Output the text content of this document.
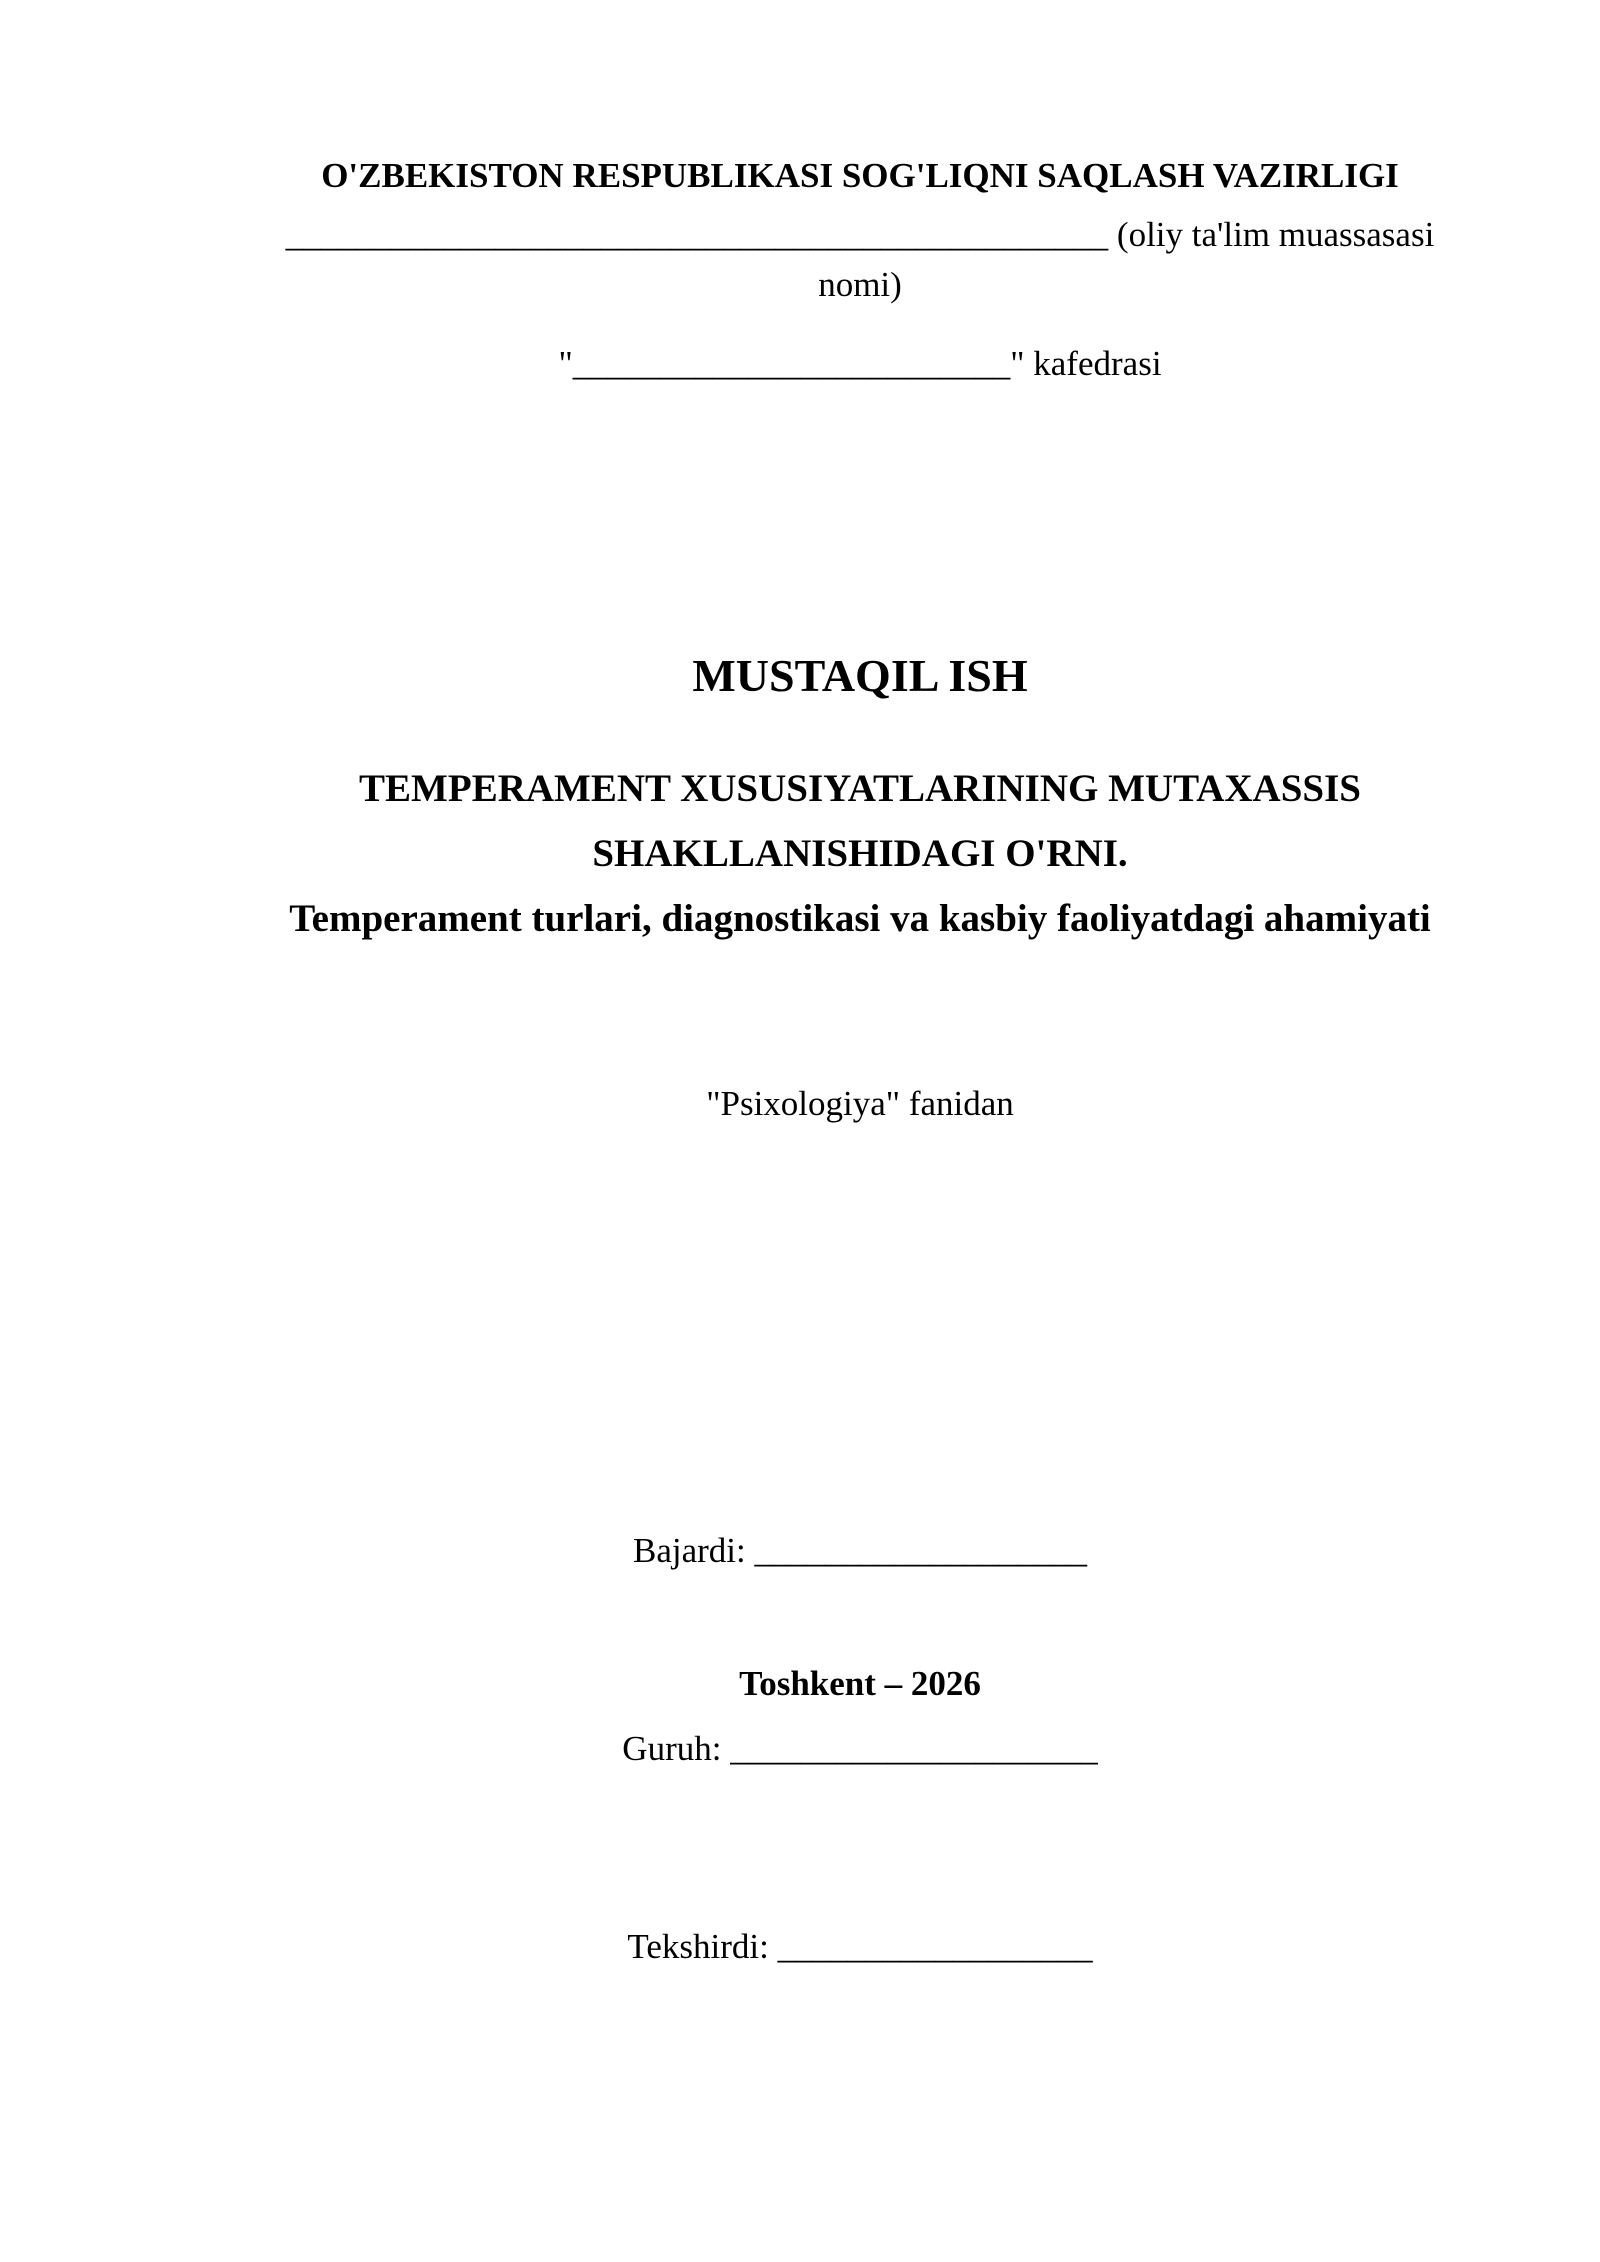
O'ZBEKISTON RESPUBLIKASI SOG'LIQNI SAQLASH VAZIRLIGI
_______________________________________________ (oliy ta'lim muassasasi nomi)
"_________________________" kafedrasi
MUSTAQIL ISH
TEMPERAMENT XUSUSIYATLARINING MUTAXASSIS SHAKLLANISHIDAGI O'RNI.
Temperament turlari, diagnostikasi va kasbiy faoliyatdagi ahamiyati
"Psixologiya" fanidan

Bajardi: ___________________

Guruh: _____________________

Tekshirdi: __________________

Toshkent – 2026
